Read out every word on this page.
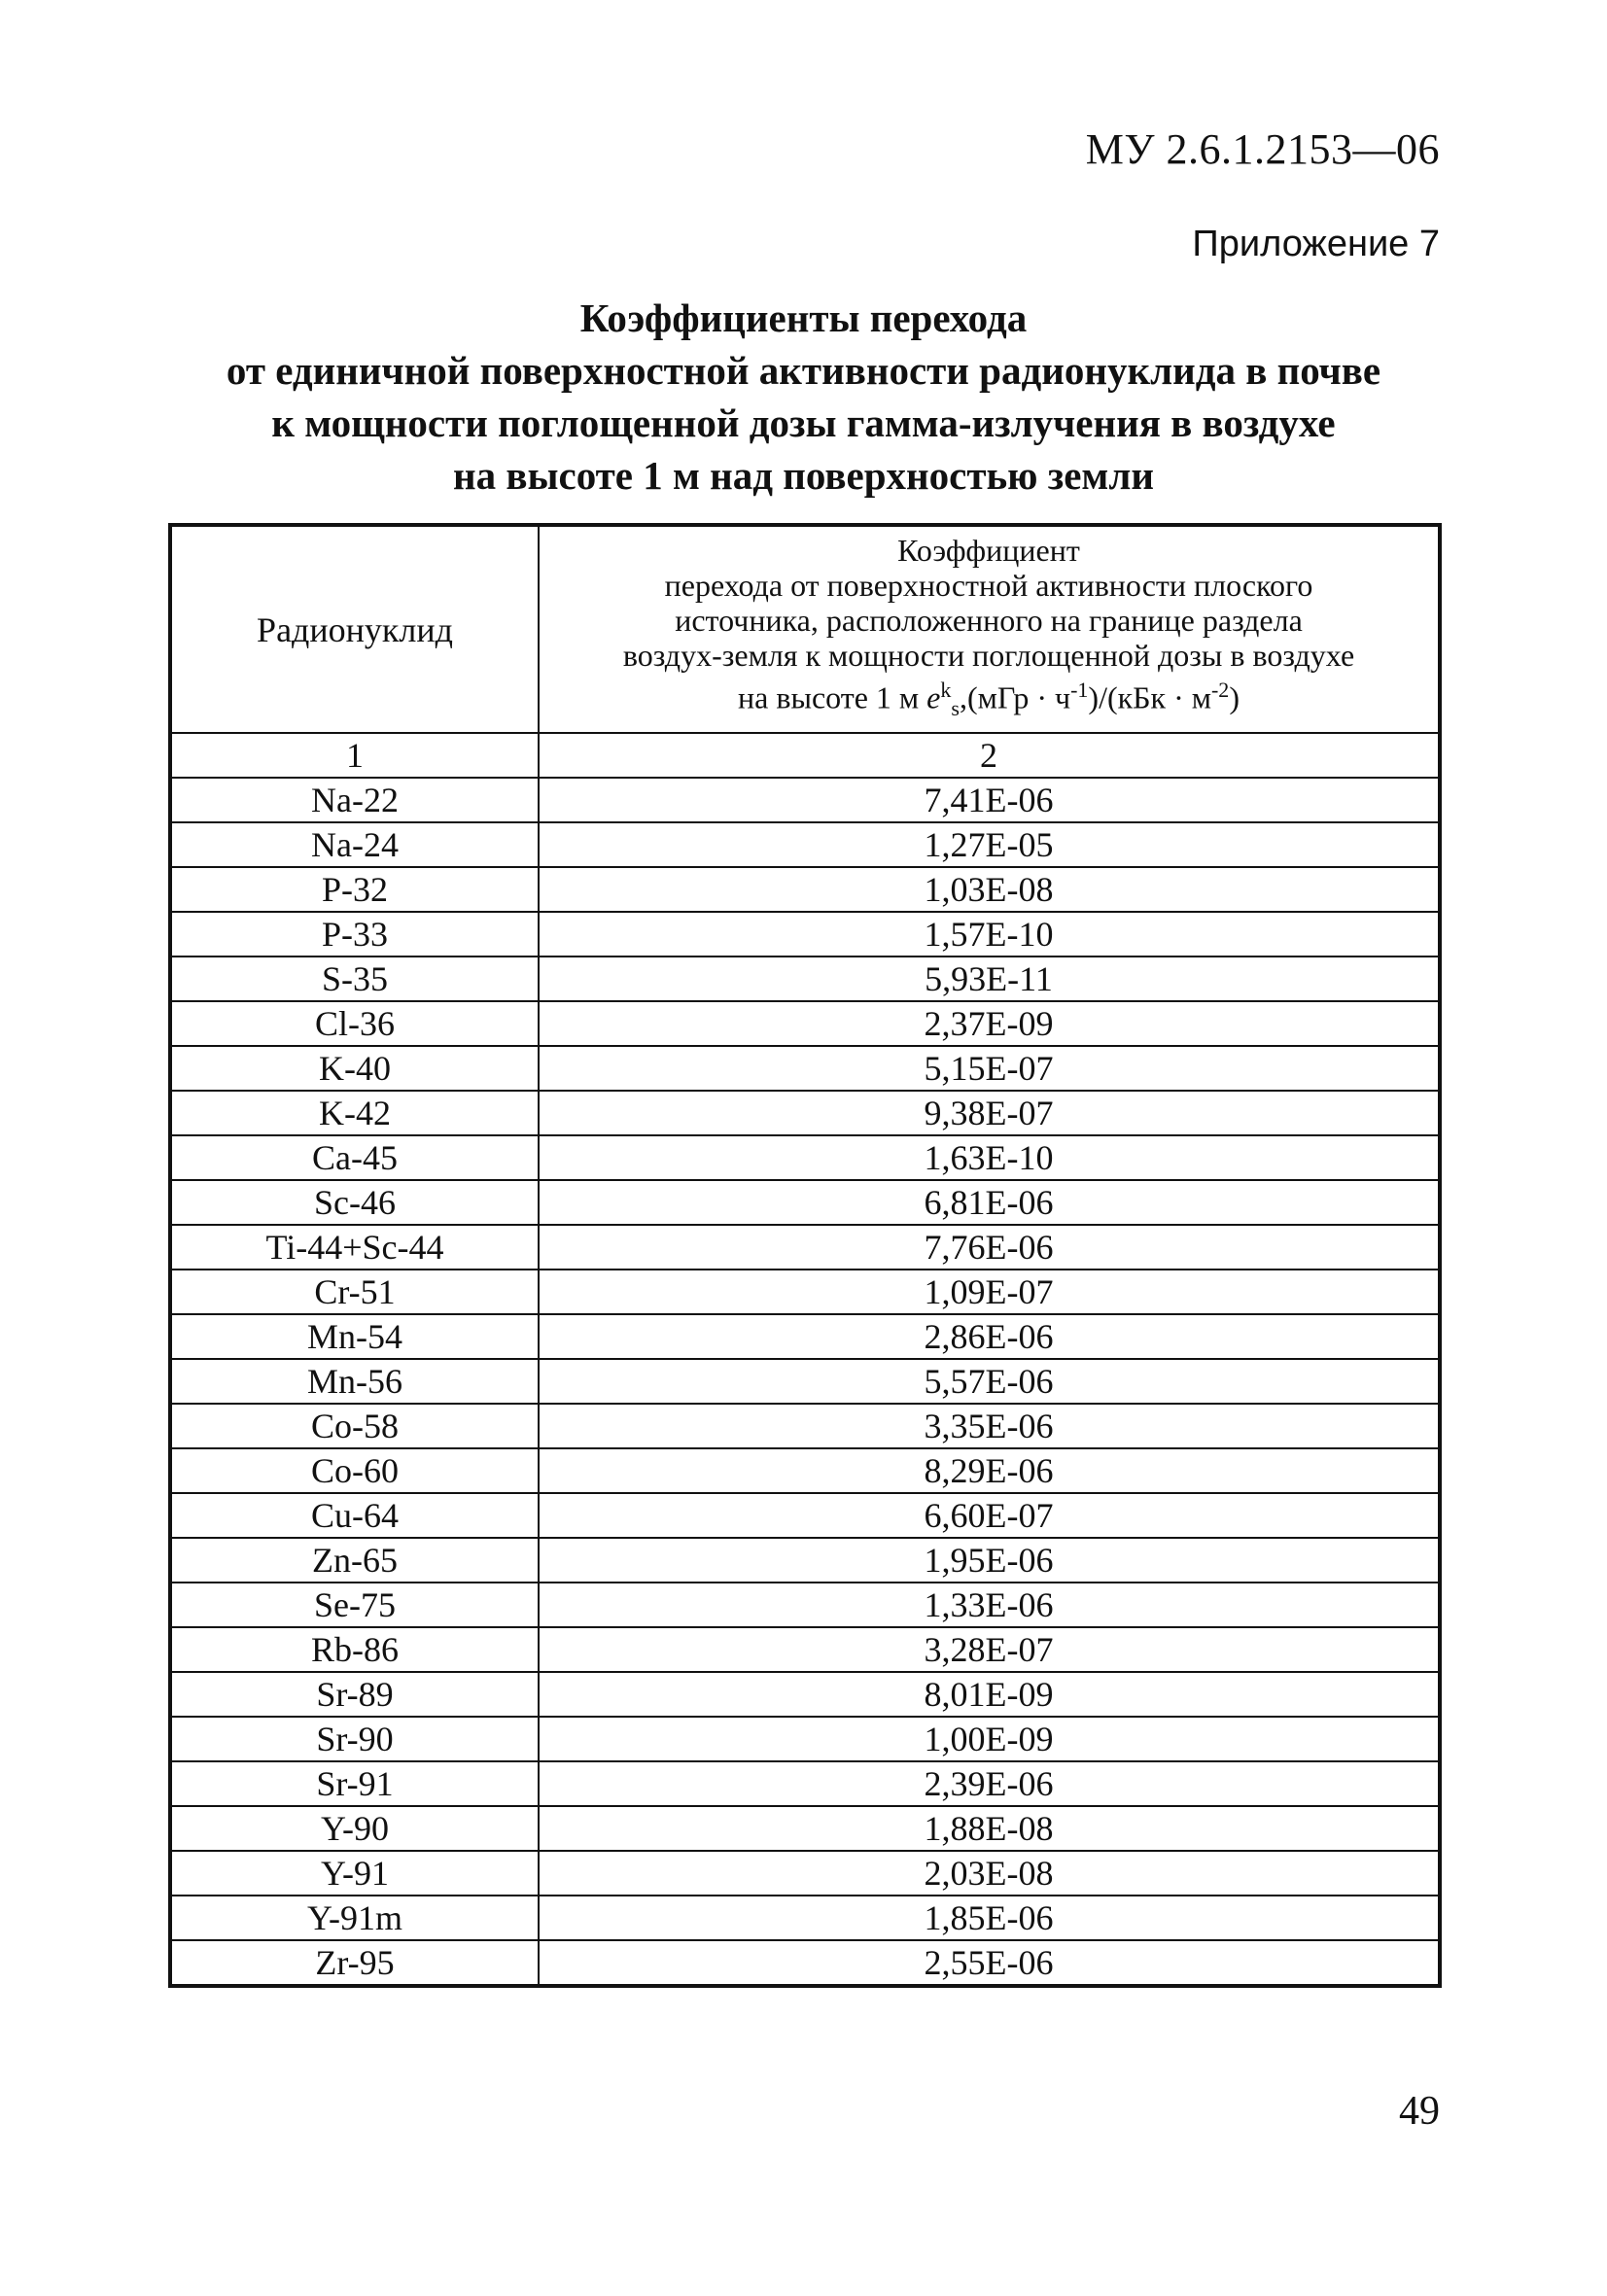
МУ 2.6.1.2153—06
Приложение 7
Коэффициенты перехода
от единичной поверхностной активности радионуклида в почве
к мощности поглощенной дозы гамма-излучения в воздухе
на высоте 1 м над поверхностью земли
Радионуклид	Коэффициент
перехода от поверхностной активности плоского
источника, расположенного на границе раздела
воздух-земля к мощности поглощенной дозы в воздухе
на высоте 1 м $e^k_s,(мГр \cdot ч^{-1})/(кБк \cdot м^{-2})$

1	2
Na-22	7,41E-06
Na-24	1,27E-05
P-32	1,03E-08
P-33	1,57E-10
S-35	5,93E-11
Cl-36	2,37E-09
K-40	5,15E-07
K-42	9,38E-07
Ca-45	1,63E-10
Sc-46	6,81E-06
Ti-44+Sc-44	7,76E-06
Cr-51	1,09E-07
Mn-54	2,86E-06
Mn-56	5,57E-06
Co-58	3,35E-06
Co-60	8,29E-06
Cu-64	6,60E-07
Zn-65	1,95E-06
Se-75	1,33E-06
Rb-86	3,28E-07
Sr-89	8,01E-09
Sr-90	1,00E-09
Sr-91	2,39E-06
Y-90	1,88E-08
Y-91	2,03E-08
Y-91m	1,85E-06
Zr-95	2,55E-06
49
